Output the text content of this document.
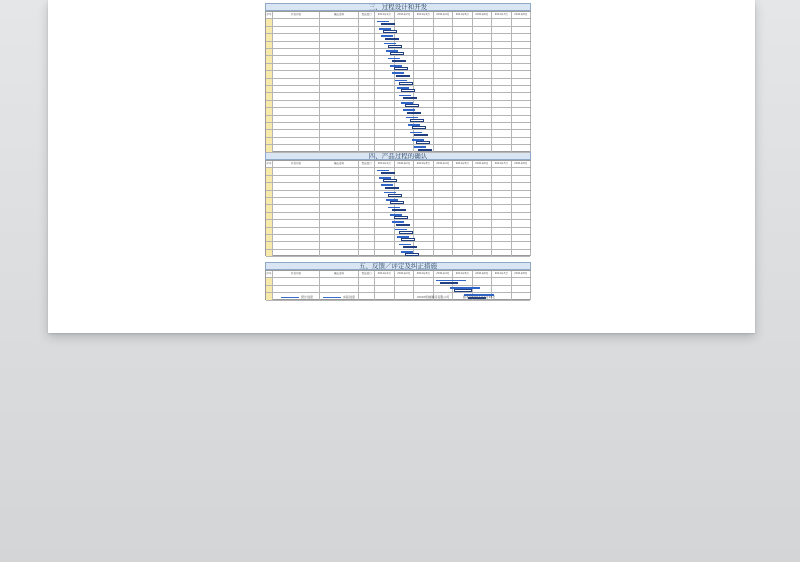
三、过程设计和开发
四、产品过程的确认
五、反馈／评定及纠正措施
序号	开发内容	输出资料	责任部门	2011年1月	2011年2月	2011年3月	2011年4月	2011年5月	2011年6月	2011年7月	2011年8月
序号	开发内容	输出资料	责任部门	2011年1月	2011年2月	2011年3月	2011年4月	2011年5月	2011年6月	2011年7月	2011年8月
序号	开发内容	输出资料	责任部门	2011年1月	2011年2月	2011年3月	2011年4月	2011年5月	2011年6月	2011年7月	2011年8月
预计进度	实际进度	XXXX机械制造有限公司	版本号/2011年2月26日
